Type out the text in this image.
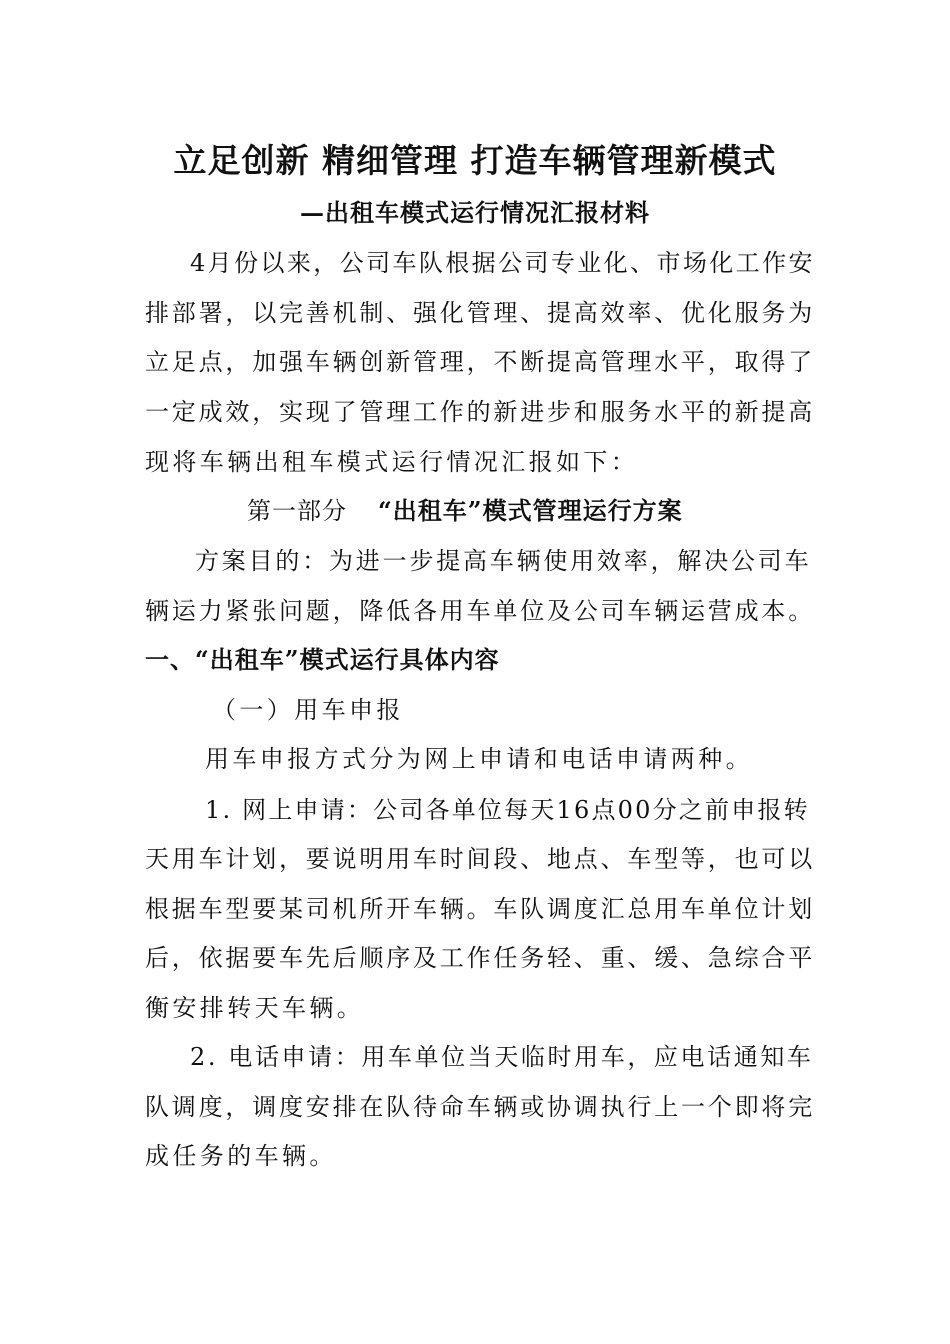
立足创新 精细管理 打造车辆管理新模式
—出租车模式运行情况汇报材料
4月份以来，公司车队根据公司专业化、市场化工作安
排部署，以完善机制、强化管理、提高效率、优化服务为
立足点，加强车辆创新管理，不断提高管理水平，取得了
一定成效，实现了管理工作的新进步和服务水平的新提高
现将车辆出租车模式运行情况汇报如下：
第一部分 “出租车”模式管理运行方案
方案目的：为进一步提高车辆使用效率，解决公司车
辆运力紧张问题，降低各用车单位及公司车辆运营成本。
一、“出租车”模式运行具体内容
（一）用车申报
用车申报方式分为网上申请和电话申请两种。
1. 网上申请：公司各单位每天16点00分之前申报转
天用车计划，要说明用车时间段、地点、车型等，也可以
根据车型要某司机所开车辆。车队调度汇总用车单位计划
后，依据要车先后顺序及工作任务轻、重、缓、急综合平
衡安排转天车辆。
2. 电话申请：用车单位当天临时用车，应电话通知车
队调度，调度安排在队待命车辆或协调执行上一个即将完
成任务的车辆。
